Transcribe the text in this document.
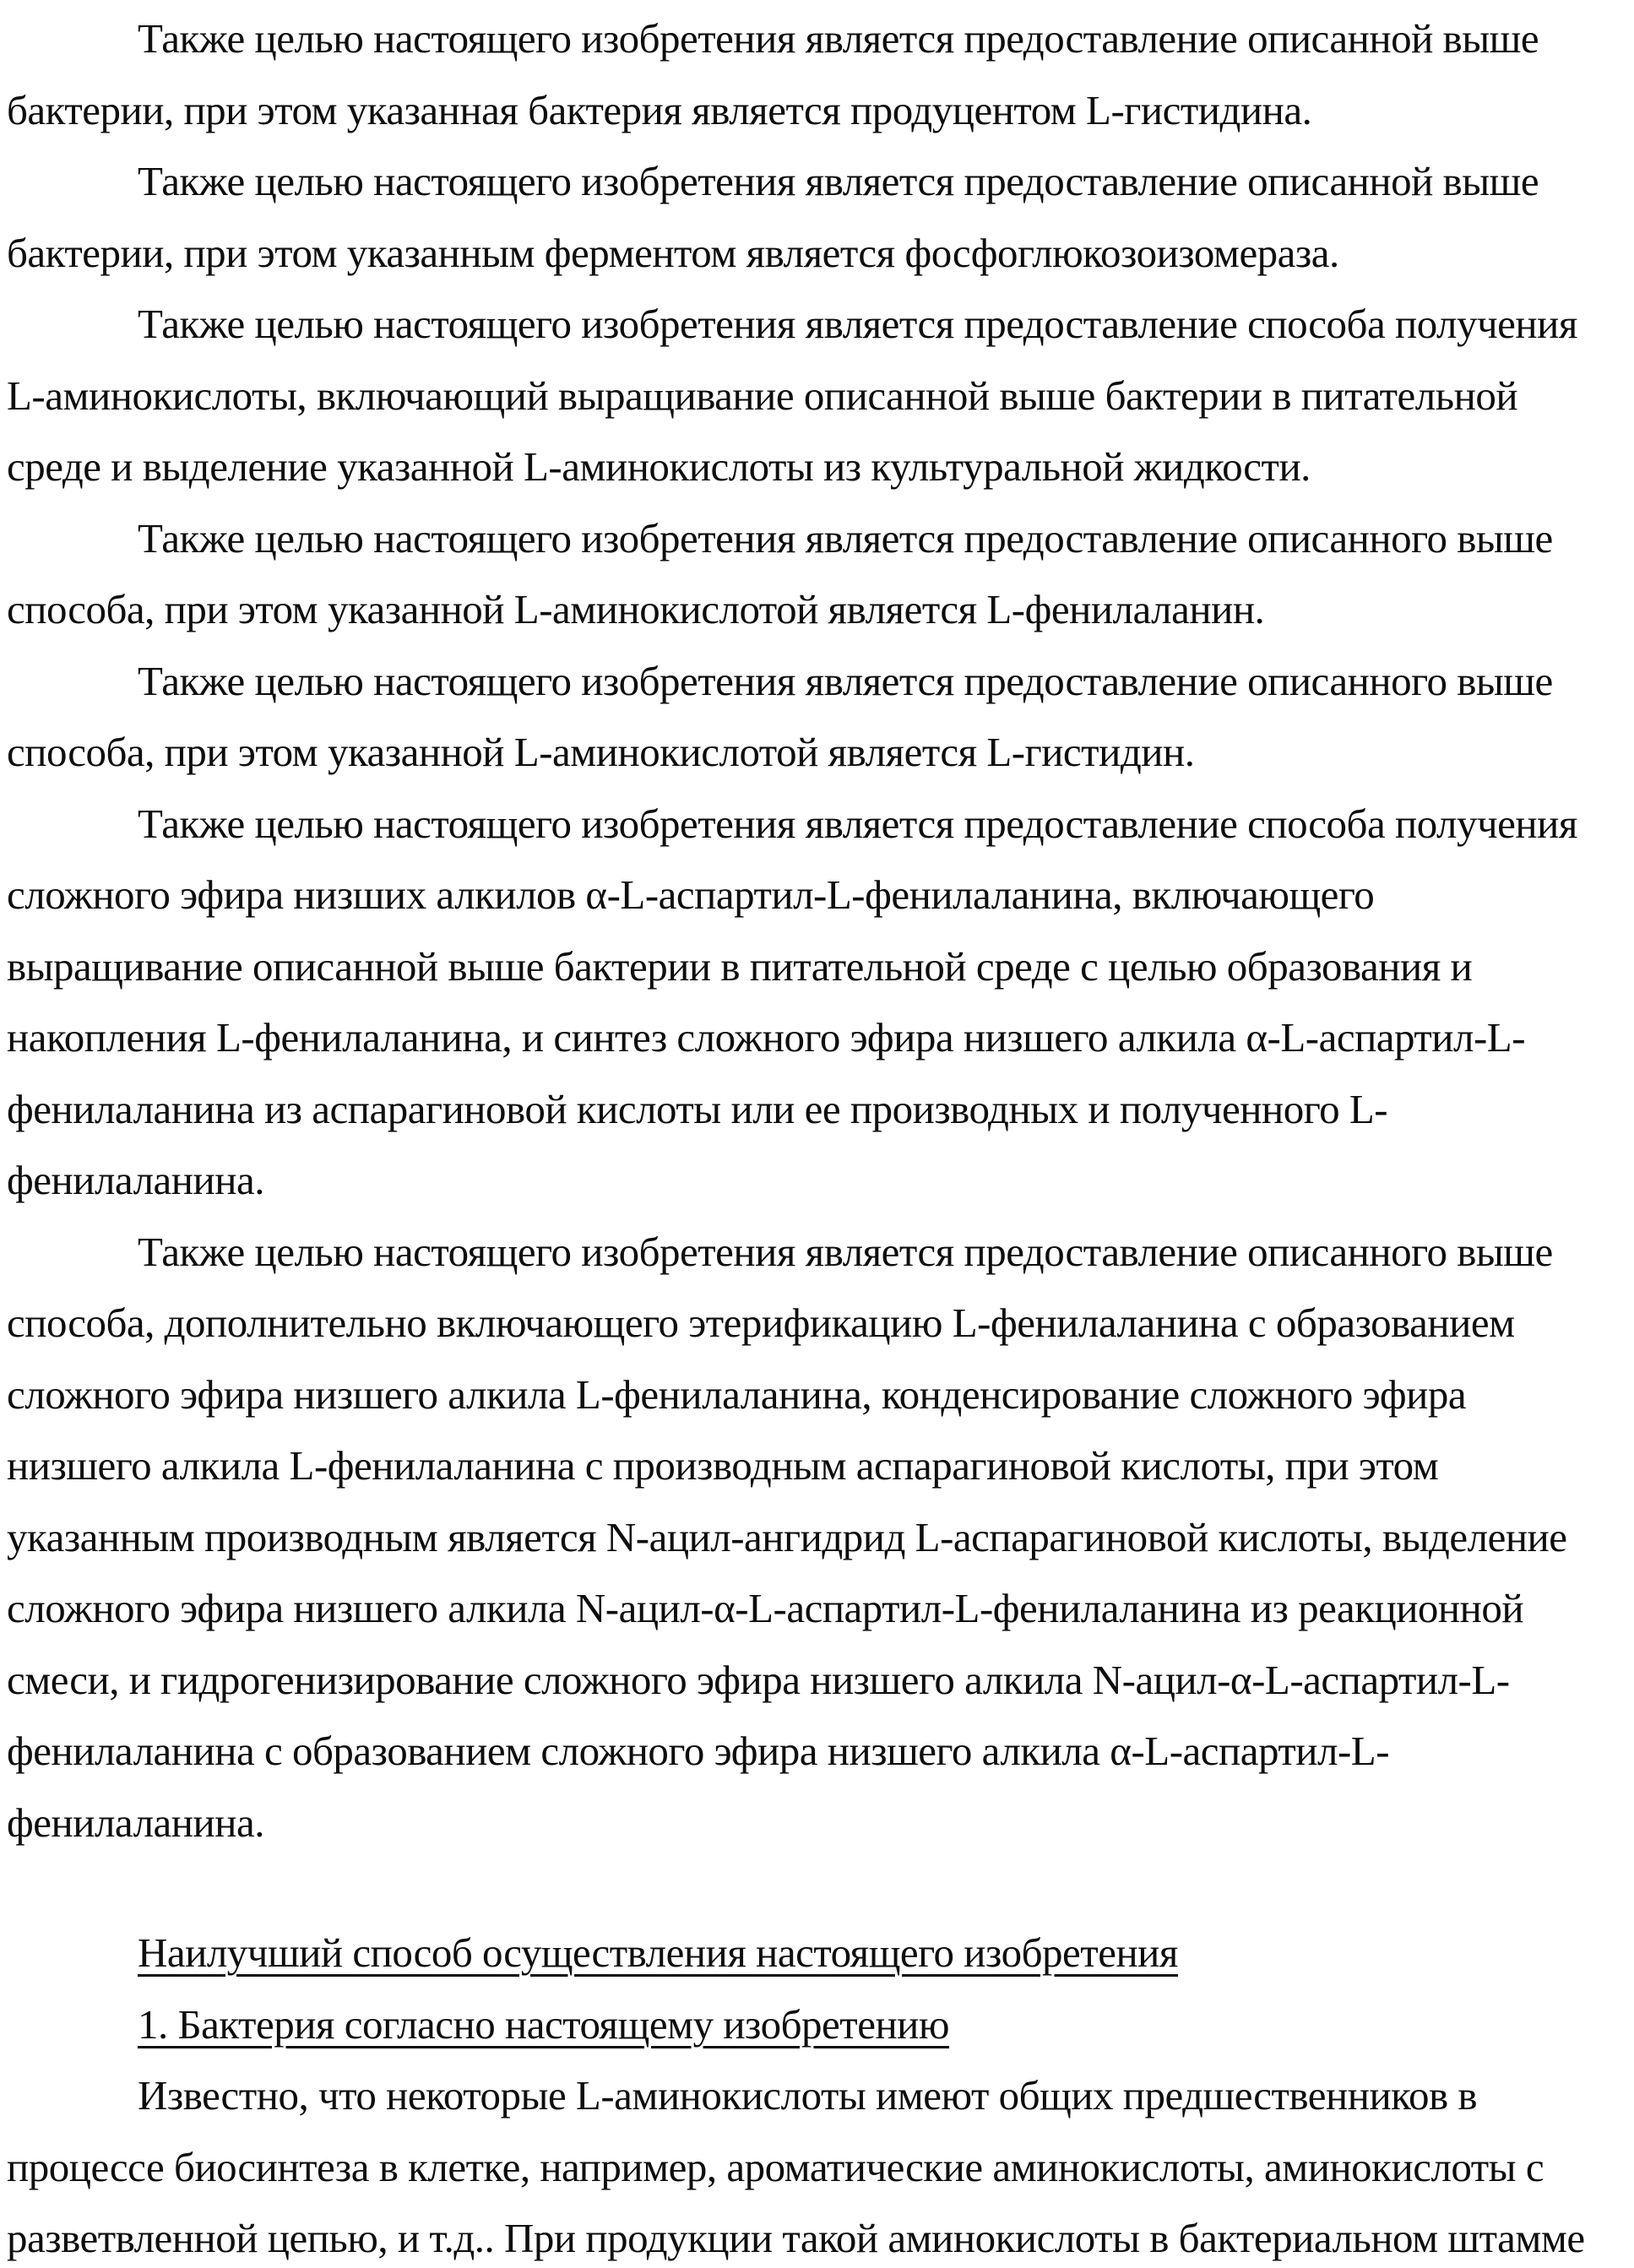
Также целью настоящего изобретения является предоставление описанной выше
бактерии, при этом указанная бактерия является продуцентом L-гистидина.
Также целью настоящего изобретения является предоставление описанной выше
бактерии, при этом указанным ферментом является фосфоглюкозоизомераза.
Также целью настоящего изобретения является предоставление способа получения
L-аминокислоты, включающий выращивание описанной выше бактерии в питательной
среде и выделение указанной L-аминокислоты из культуральной жидкости.
Также целью настоящего изобретения является предоставление описанного выше
способа, при этом указанной L-аминокислотой является L-фенилаланин.
Также целью настоящего изобретения является предоставление описанного выше
способа, при этом указанной L-аминокислотой является L-гистидин.
Также целью настоящего изобретения является предоставление способа получения
сложного эфира низших алкилов α-L-аспартил-L-фенилаланина, включающего
выращивание описанной выше бактерии в питательной среде с целью образования и
накопления L-фенилаланина, и синтез сложного эфира низшего алкила α-L-аспартил-L-
фенилаланина из аспарагиновой кислоты или ее производных и полученного L-
фенилаланина.
Также целью настоящего изобретения является предоставление описанного выше
способа, дополнительно включающего этерификацию L-фенилаланина с образованием
сложного эфира низшего алкила L-фенилаланина, конденсирование сложного эфира
низшего алкила L-фенилаланина с производным аспарагиновой кислоты, при этом
указанным производным является N-ацил-ангидрид L-аспарагиновой кислоты, выделение
сложного эфира низшего алкила N-ацил-α-L-аспартил-L-фенилаланина из реакционной
смеси, и гидрогенизирование сложного эфира низшего алкила N-ацил-α-L-аспартил-L-
фенилаланина с образованием сложного эфира низшего алкила α-L-аспартил-L-
фенилаланина.
Наилучший способ осуществления настоящего изобретения
1. Бактерия согласно настоящему изобретению
Известно, что некоторые L-аминокислоты имеют общих предшественников в
процессе биосинтеза в клетке, например, ароматические аминокислоты, аминокислоты с
разветвленной цепью, и т.д.. При продукции такой аминокислоты в бактериальном штамме
